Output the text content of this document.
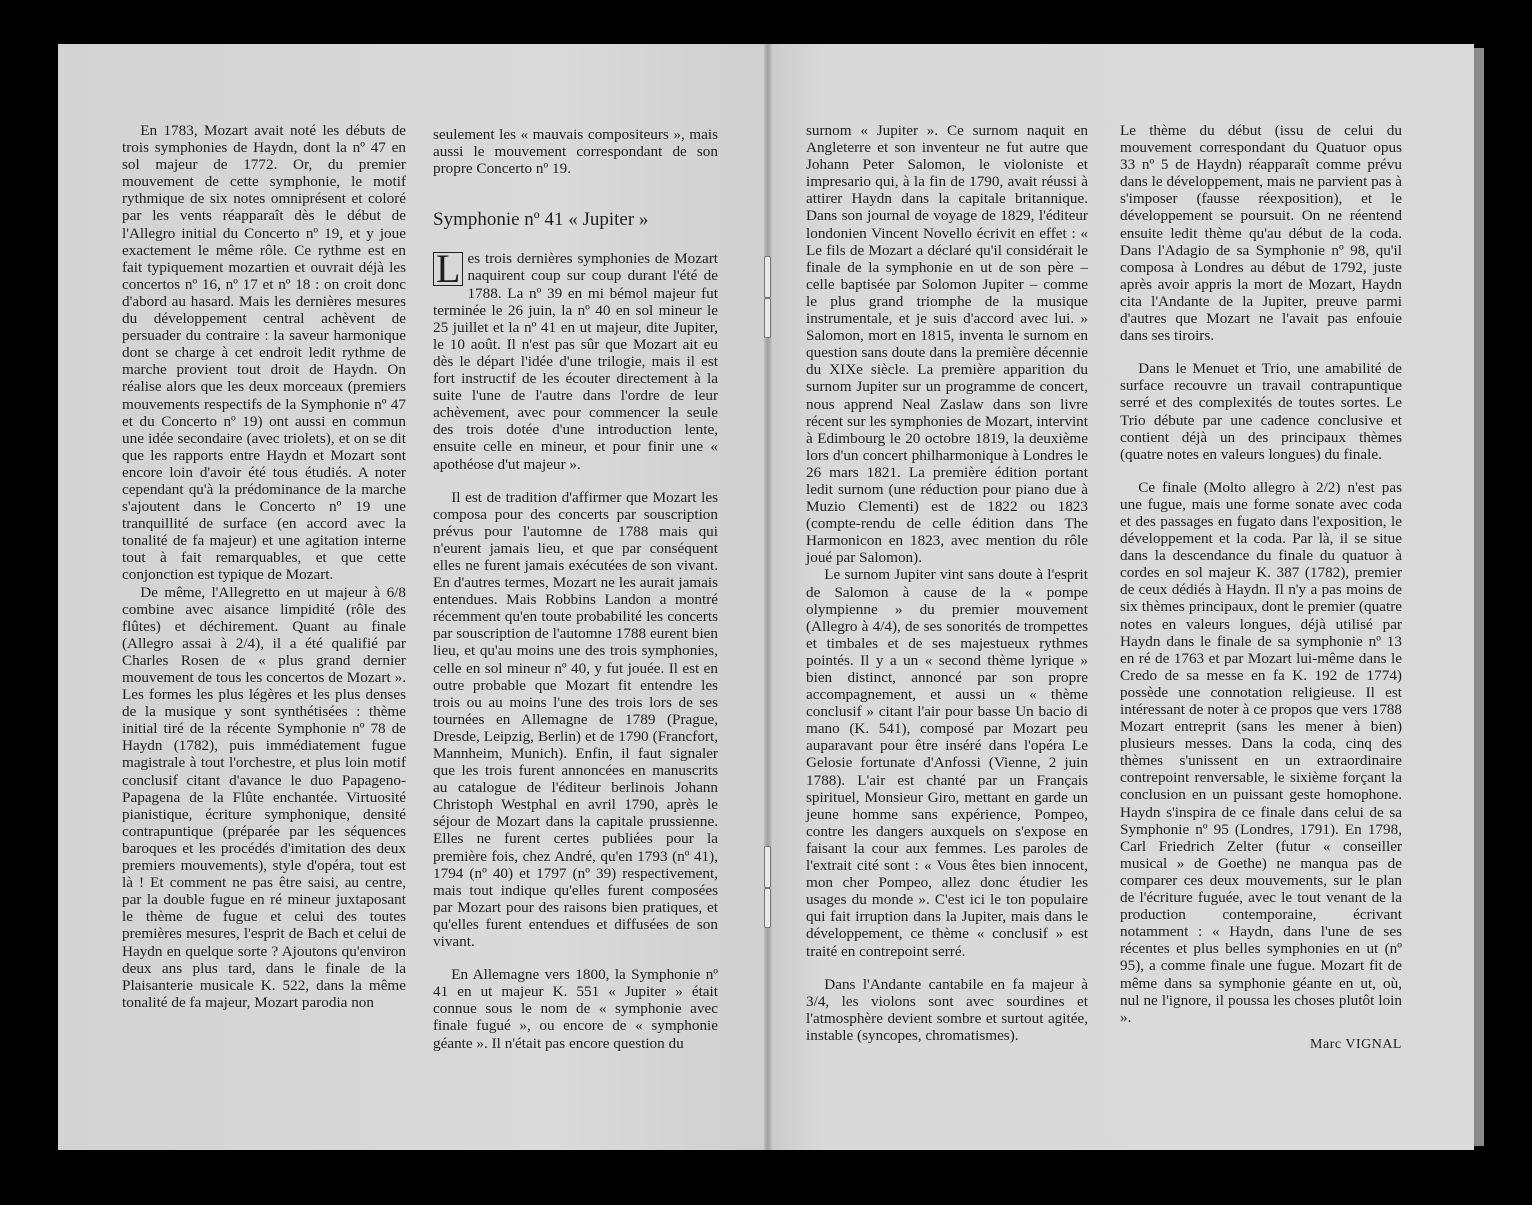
En 1783, Mozart avait noté les débuts de trois symphonies de Haydn, dont la nº 47 en sol majeur de 1772. Or, du premier mouvement de cette symphonie, le motif rythmique de six notes omniprésent et coloré par les vents réapparaît dès le début de l'Allegro initial du Concerto nº 19, et y joue exactement le même rôle. Ce rythme est en fait typiquement mozartien et ouvrait déjà les concertos nº 16, nº 17 et nº 18 : on croit donc d'abord au hasard. Mais les dernières mesures du développement central achèvent de persuader du contraire : la saveur harmonique dont se charge à cet endroit ledit rythme de marche provient tout droit de Haydn. On réalise alors que les deux morceaux (premiers mouvements respectifs de la Symphonie nº 47 et du Concerto nº 19) ont aussi en commun une idée secondaire (avec triolets), et on se dit que les rapports entre Haydn et Mozart sont encore loin d'avoir été tous étudiés. A noter cependant qu'à la prédominance de la marche s'ajoutent dans le Concerto nº 19 une tranquillité de surface (en accord avec la tonalité de fa majeur) et une agitation interne tout à fait remarquables, et que cette conjonction est typique de Mozart.

De même, l'Allegretto en ut majeur à 6/8 combine avec aisance limpidité (rôle des flûtes) et déchirement. Quant au finale (Allegro assai à 2/4), il a été qualifié par Charles Rosen de « plus grand dernier mouvement de tous les concertos de Mozart ». Les formes les plus légères et les plus denses de la musique y sont synthétisées : thème initial tiré de la récente Symphonie nº 78 de Haydn (1782), puis immédiatement fugue magistrale à tout l'orchestre, et plus loin motif conclusif citant d'avance le duo Papageno-Papagena de la Flûte enchantée. Virtuosité pianistique, écriture symphonique, densité contrapuntique (préparée par les séquences baroques et les procédés d'imitation des deux premiers mouvements), style d'opéra, tout est là ! Et comment ne pas être saisi, au centre, par la double fugue en ré mineur juxtaposant le thème de fugue et celui des toutes premières mesures, l'esprit de Bach et celui de Haydn en quelque sorte ? Ajoutons qu'environ deux ans plus tard, dans le finale de la Plaisanterie musicale K. 522, dans la même tonalité de fa majeur, Mozart parodia non

seulement les « mauvais compositeurs », mais aussi le mouvement correspondant de son propre Concerto nº 19.

Symphonie nº 41 « Jupiter »

L es trois dernières symphonies de Mozart naquirent coup sur coup durant l'été de 1788. La nº 39 en mi bémol majeur fut terminée le 26 juin, la nº 40 en sol mineur le 25 juillet et la nº 41 en ut majeur, dite Jupiter, le 10 août. Il n'est pas sûr que Mozart ait eu dès le départ l'idée d'une trilogie, mais il est fort instructif de les écouter directement à la suite l'une de l'autre dans l'ordre de leur achèvement, avec pour commencer la seule des trois dotée d'une introduction lente, ensuite celle en mineur, et pour finir une « apothéose d'ut majeur ».

Il est de tradition d'affirmer que Mozart les composa pour des concerts par souscription prévus pour l'automne de 1788 mais qui n'eurent jamais lieu, et que par conséquent elles ne furent jamais exécutées de son vivant. En d'autres termes, Mozart ne les aurait jamais entendues. Mais Robbins Landon a montré récemment qu'en toute probabilité les concerts par souscription de l'automne 1788 eurent bien lieu, et qu'au moins une des trois symphonies, celle en sol mineur nº 40, y fut jouée. Il est en outre probable que Mozart fit entendre les trois ou au moins l'une des trois lors de ses tournées en Allemagne de 1789 (Prague, Dresde, Leipzig, Berlin) et de 1790 (Francfort, Mannheim, Munich). Enfin, il faut signaler que les trois furent annoncées en manuscrits au catalogue de l'éditeur berlinois Johann Christoph Westphal en avril 1790, après le séjour de Mozart dans la capitale prussienne. Elles ne furent certes publiées pour la première fois, chez André, qu'en 1793 (nº 41), 1794 (nº 40) et 1797 (nº 39) respectivement, mais tout indique qu'elles furent composées par Mozart pour des raisons bien pratiques, et qu'elles furent entendues et diffusées de son vivant.

En Allemagne vers 1800, la Symphonie nº 41 en ut majeur K. 551 « Jupiter » était connue sous le nom de « symphonie avec finale fugué », ou encore de « symphonie géante ». Il n'était pas encore question du

surnom « Jupiter ». Ce surnom naquit en Angleterre et son inventeur ne fut autre que Johann Peter Salomon, le violoniste et impresario qui, à la fin de 1790, avait réussi à attirer Haydn dans la capitale britannique. Dans son journal de voyage de 1829, l'éditeur londonien Vincent Novello écrivit en effet : « Le fils de Mozart a déclaré qu'il considérait le finale de la symphonie en ut de son père – celle baptisée par Solomon Jupiter – comme le plus grand triomphe de la musique instrumentale, et je suis d'accord avec lui. » Salomon, mort en 1815, inventa le surnom en question sans doute dans la première décennie du XIXe siècle. La première apparition du surnom Jupiter sur un programme de concert, nous apprend Neal Zaslaw dans son livre récent sur les symphonies de Mozart, intervint à Edimbourg le 20 octobre 1819, la deuxième lors d'un concert philharmonique à Londres le 26 mars 1821. La première édition portant ledit surnom (une réduction pour piano due à Muzio Clementi) est de 1822 ou 1823 (compte-rendu de celle édition dans The Harmonicon en 1823, avec mention du rôle joué par Salomon).

Le surnom Jupiter vint sans doute à l'esprit de Salomon à cause de la « pompe olympienne » du premier mouvement (Allegro à 4/4), de ses sonorités de trompettes et timbales et de ses majestueux rythmes pointés. Il y a un « second thème lyrique » bien distinct, annoncé par son propre accompagnement, et aussi un « thème conclusif » citant l'air pour basse Un bacio di mano (K. 541), composé par Mozart peu auparavant pour être inséré dans l'opéra Le Gelosie fortunate d'Anfossi (Vienne, 2 juin 1788). L'air est chanté par un Français spirituel, Monsieur Giro, mettant en garde un jeune homme sans expérience, Pompeo, contre les dangers auxquels on s'expose en faisant la cour aux femmes. Les paroles de l'extrait cité sont : « Vous êtes bien innocent, mon cher Pompeo, allez donc étudier les usages du monde ». C'est ici le ton populaire qui fait irruption dans la Jupiter, mais dans le développement, ce thème « conclusif » est traité en contrepoint serré.

Dans l'Andante cantabile en fa majeur à 3/4, les violons sont avec sourdines et l'atmosphère devient sombre et surtout agitée, instable (syncopes, chromatismes).

Le thème du début (issu de celui du mouvement correspondant du Quatuor opus 33 nº 5 de Haydn) réapparaît comme prévu dans le développement, mais ne parvient pas à s'imposer (fausse réexposition), et le développement se poursuit. On ne réentend ensuite ledit thème qu'au début de la coda. Dans l'Adagio de sa Symphonie nº 98, qu'il composa à Londres au début de 1792, juste après avoir appris la mort de Mozart, Haydn cita l'Andante de la Jupiter, preuve parmi d'autres que Mozart ne l'avait pas enfouie dans ses tiroirs.

Dans le Menuet et Trio, une amabilité de surface recouvre un travail contrapuntique serré et des complexités de toutes sortes. Le Trio débute par une cadence conclusive et contient déjà un des principaux thèmes (quatre notes en valeurs longues) du finale.

Ce finale (Molto allegro à 2/2) n'est pas une fugue, mais une forme sonate avec coda et des passages en fugato dans l'exposition, le développement et la coda. Par là, il se situe dans la descendance du finale du quatuor à cordes en sol majeur K. 387 (1782), premier de ceux dédiés à Haydn. Il n'y a pas moins de six thèmes principaux, dont le premier (quatre notes en valeurs longues, déjà utilisé par Haydn dans le finale de sa symphonie nº 13 en ré de 1763 et par Mozart lui-même dans le Credo de sa messe en fa K. 192 de 1774) possède une connotation religieuse. Il est intéressant de noter à ce propos que vers 1788 Mozart entreprit (sans les mener à bien) plusieurs messes. Dans la coda, cinq des thèmes s'unissent en un extraordinaire contrepoint renversable, le sixième forçant la conclusion en un puissant geste homophone. Haydn s'inspira de ce finale dans celui de sa Symphonie nº 95 (Londres, 1791). En 1798, Carl Friedrich Zelter (futur « conseiller musical » de Goethe) ne manqua pas de comparer ces deux mouvements, sur le plan de l'écriture fuguée, avec le tout venant de la production contemporaine, écrivant notamment : « Haydn, dans l'une de ses récentes et plus belles symphonies en ut (nº 95), a comme finale une fugue. Mozart fit de même dans sa symphonie géante en ut, où, nul ne l'ignore, il poussa les choses plutôt loin ».

Marc VIGNAL
